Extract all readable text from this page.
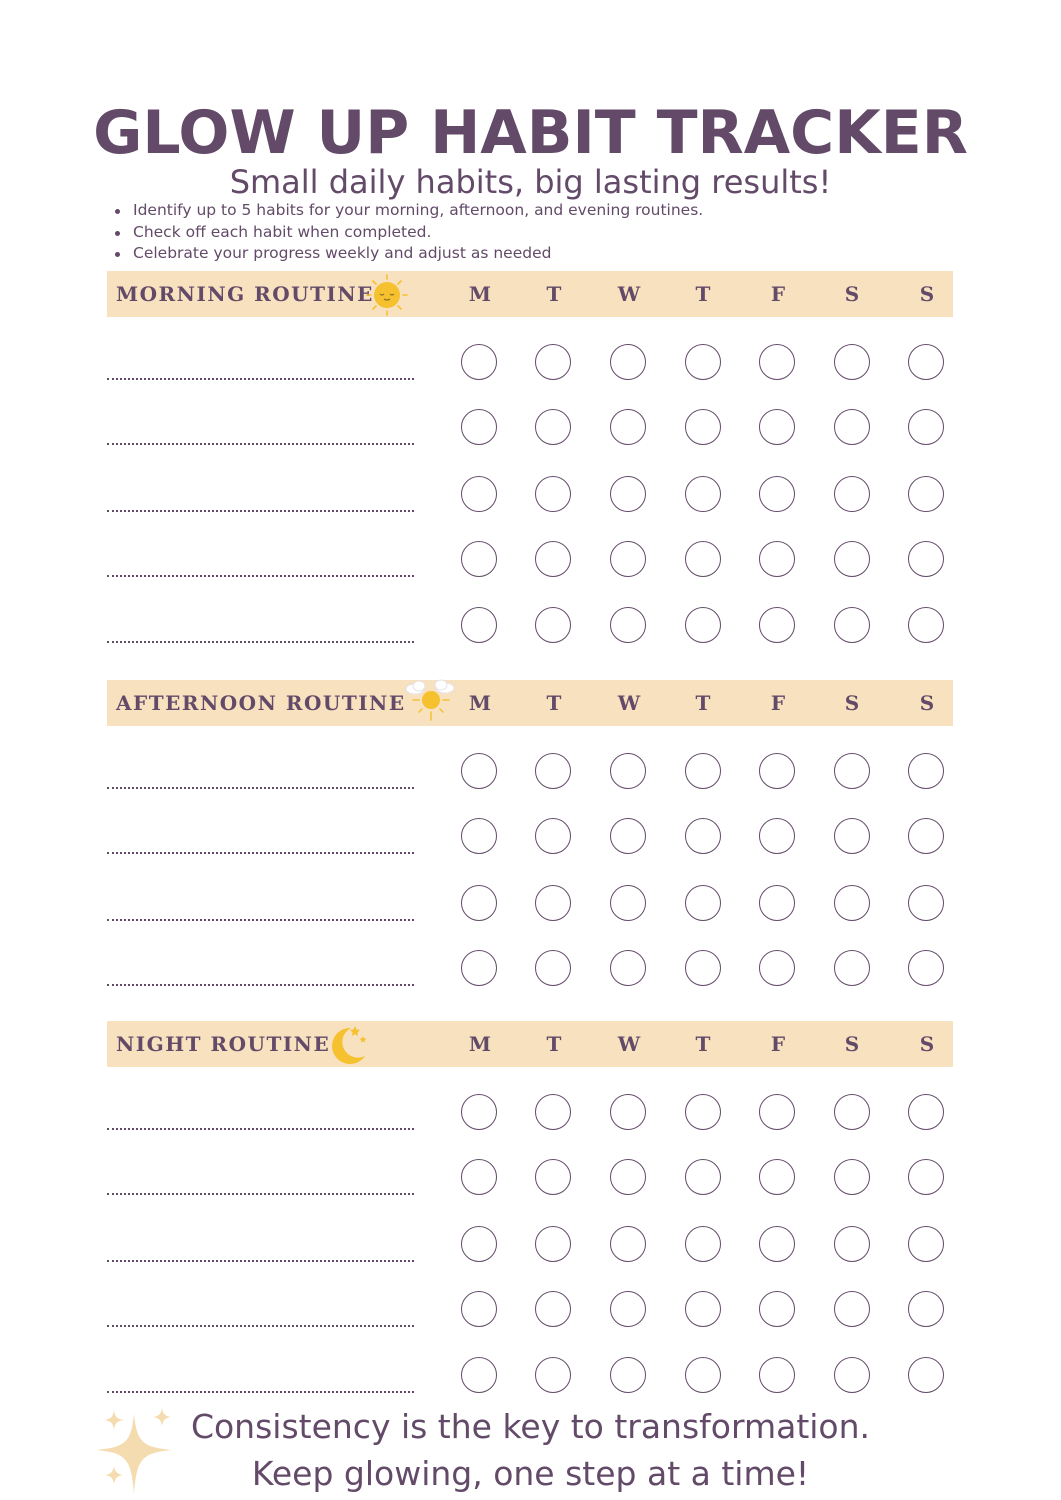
GLOW UP HABIT TRACKER
Small daily habits, big lasting results!
Identify up to 5 habits for your morning, afternoon, and evening routines.
Check off each habit when completed.
Celebrate your progress weekly and adjust as needed
MORNING ROUTINE	M	T	W	T	F	S	S
AFTERNOON ROUTINE	M	T	W	T	F	S	S
NIGHT ROUTINE	M	T	W	T	F	S	S
Consistency is the key to transformation.
Keep glowing, one step at a time!
